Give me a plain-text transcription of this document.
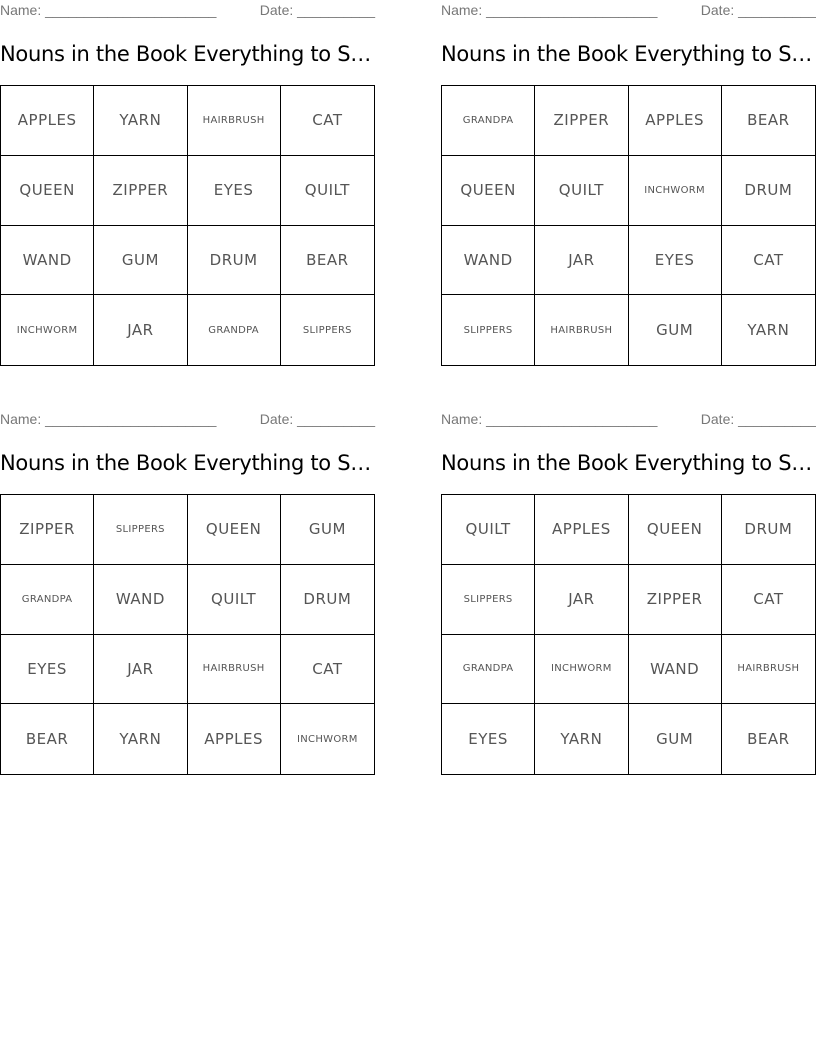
Name: ______________________	Date: __________
Nouns in the Book Everything to S…
APPLES	YARN	HAIRBRUSH	CAT
QUEEN	ZIPPER	EYES	QUILT
WAND	GUM	DRUM	BEAR
INCHWORM	JAR	GRANDPA	SLIPPERS
Name: ______________________	Date: __________
Nouns in the Book Everything to S…
GRANDPA	ZIPPER	APPLES	BEAR
QUEEN	QUILT	INCHWORM	DRUM
WAND	JAR	EYES	CAT
SLIPPERS	HAIRBRUSH	GUM	YARN
Name: ______________________	Date: __________
Nouns in the Book Everything to S…
ZIPPER	SLIPPERS	QUEEN	GUM
GRANDPA	WAND	QUILT	DRUM
EYES	JAR	HAIRBRUSH	CAT
BEAR	YARN	APPLES	INCHWORM
Name: ______________________	Date: __________
Nouns in the Book Everything to S…
QUILT	APPLES	QUEEN	DRUM
SLIPPERS	JAR	ZIPPER	CAT
GRANDPA	INCHWORM	WAND	HAIRBRUSH
EYES	YARN	GUM	BEAR
